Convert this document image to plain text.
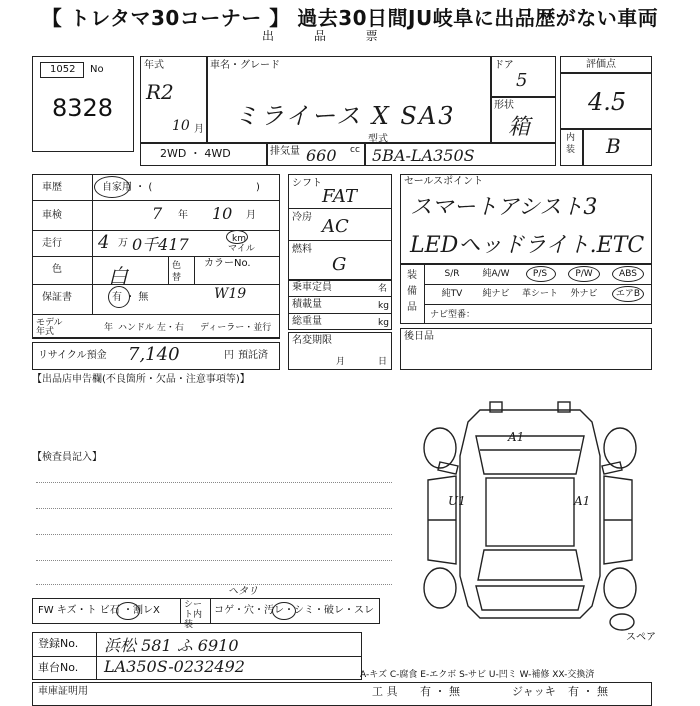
【 トレタマ30コーナー 】 過去30日間JU岐阜に出品歴がない車両
出 品 票
1052 No
8328
年式
R2
10 月
車名・グレード
ミライース X SA3
ドア
5
形状
箱
2WD ・ 4WD	排気量 660 cc
型式
5BA-LA350S
評価点
4.5
内装 B
車歴	自家用 ・ (	)
車検	7 年 10 月
走行 4 万 0千417	km
マイル
色 白	色替
カラーNo.
W19
保証書	有 ・ 無
モデル年式	年 ハンドル 左・右 ディーラー・並行
リサイクル預金 7,140	円 預託済
シフト
FAT
冷房 AC
燃料
G
乗車定員	名
積載量	kg
総重量	kg
名変期限
月	日
セールスポイント
スマートアシスト3
LEDヘッドライト.ETC
装備品
S/R	純A/W	P/S	P/W	ABS
純TV	純ナビ	革シート	外ナビ	エアB
ナビ型番：
後日品
【出品店申告欄(不良箇所・欠品・注意事項等)】
【検査員記入】
A1
U1	A1
スペア
ヘタリ
FW キズ・ト ビ石 ・割レX	シート内装
コゲ・穴・汚レ・シミ・破レ・スレ
登録No. 浜松 581 ふ 6910
車台No. LA350S-0232492	A-キズ C-腐食 E-エクボ S-サビ U-凹ミ W-補修 XX-交換済
車庫証明用	工 具 有 ・ 無	ジャッキ 有 ・ 無
